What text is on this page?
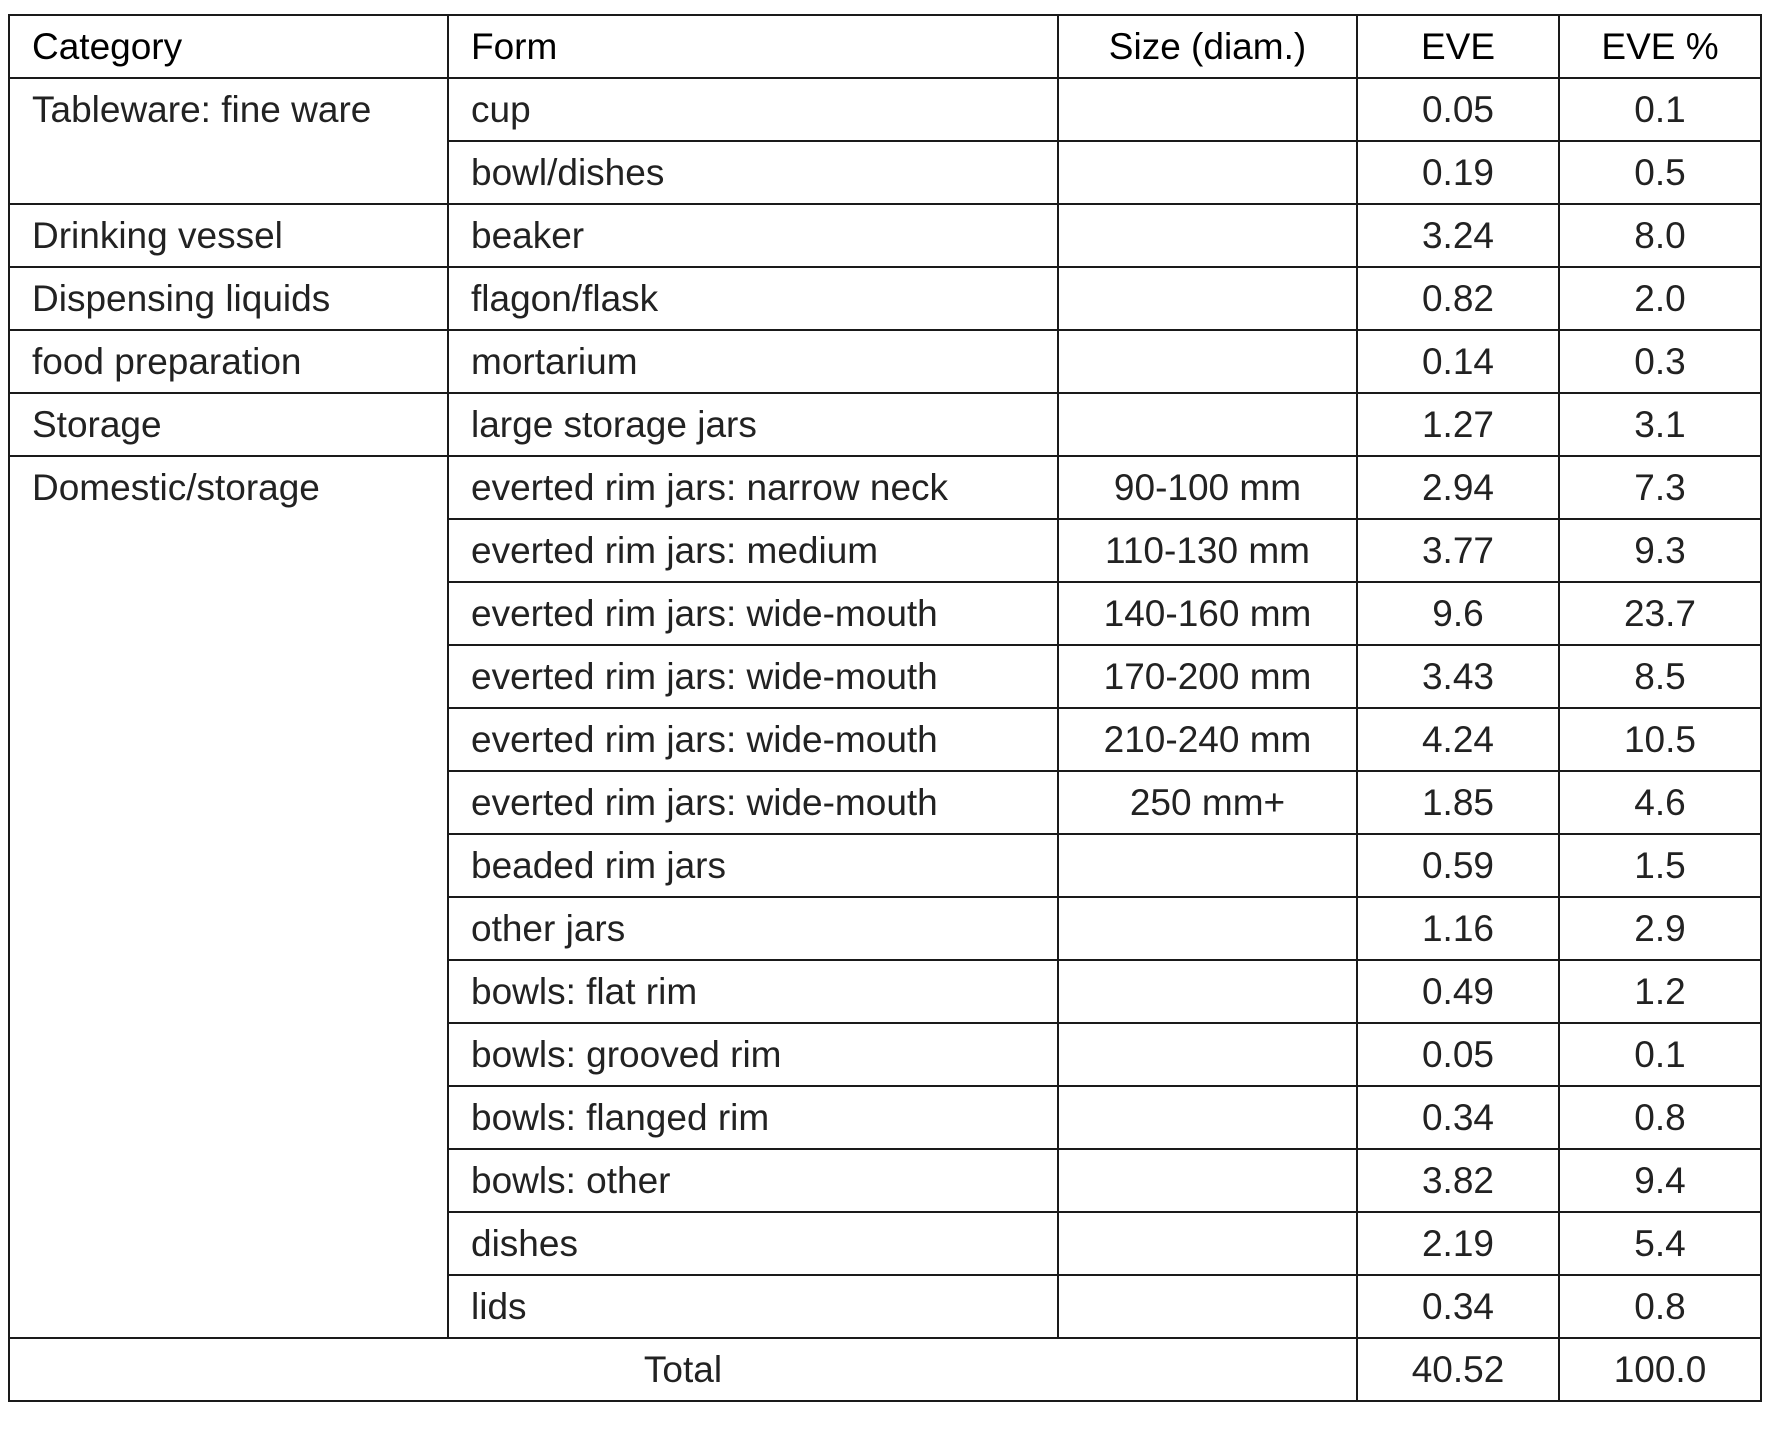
Category	Form	Size (diam.)	EVE	EVE %
Tableware: fine ware	cup		0.05	0.1
	bowl/dishes		0.19	0.5
Drinking vessel	beaker		3.24	8.0
Dispensing liquids	flagon/flask		0.82	2.0
food preparation	mortarium		0.14	0.3
Storage	large storage jars		1.27	3.1
Domestic/storage	everted rim jars: narrow neck	90-100 mm	2.94	7.3
	everted rim jars: medium	110-130 mm	3.77	9.3
	everted rim jars: wide-mouth	140-160 mm	9.6	23.7
	everted rim jars: wide-mouth	170-200 mm	3.43	8.5
	everted rim jars: wide-mouth	210-240 mm	4.24	10.5
	everted rim jars: wide-mouth	250 mm+	1.85	4.6
	beaded rim jars		0.59	1.5
	other jars		1.16	2.9
	bowls: flat rim		0.49	1.2
	bowls: grooved rim		0.05	0.1
	bowls: flanged rim		0.34	0.8
	bowls: other		3.82	9.4
	dishes		2.19	5.4
	lids		0.34	0.8
Total			40.52	100.0
